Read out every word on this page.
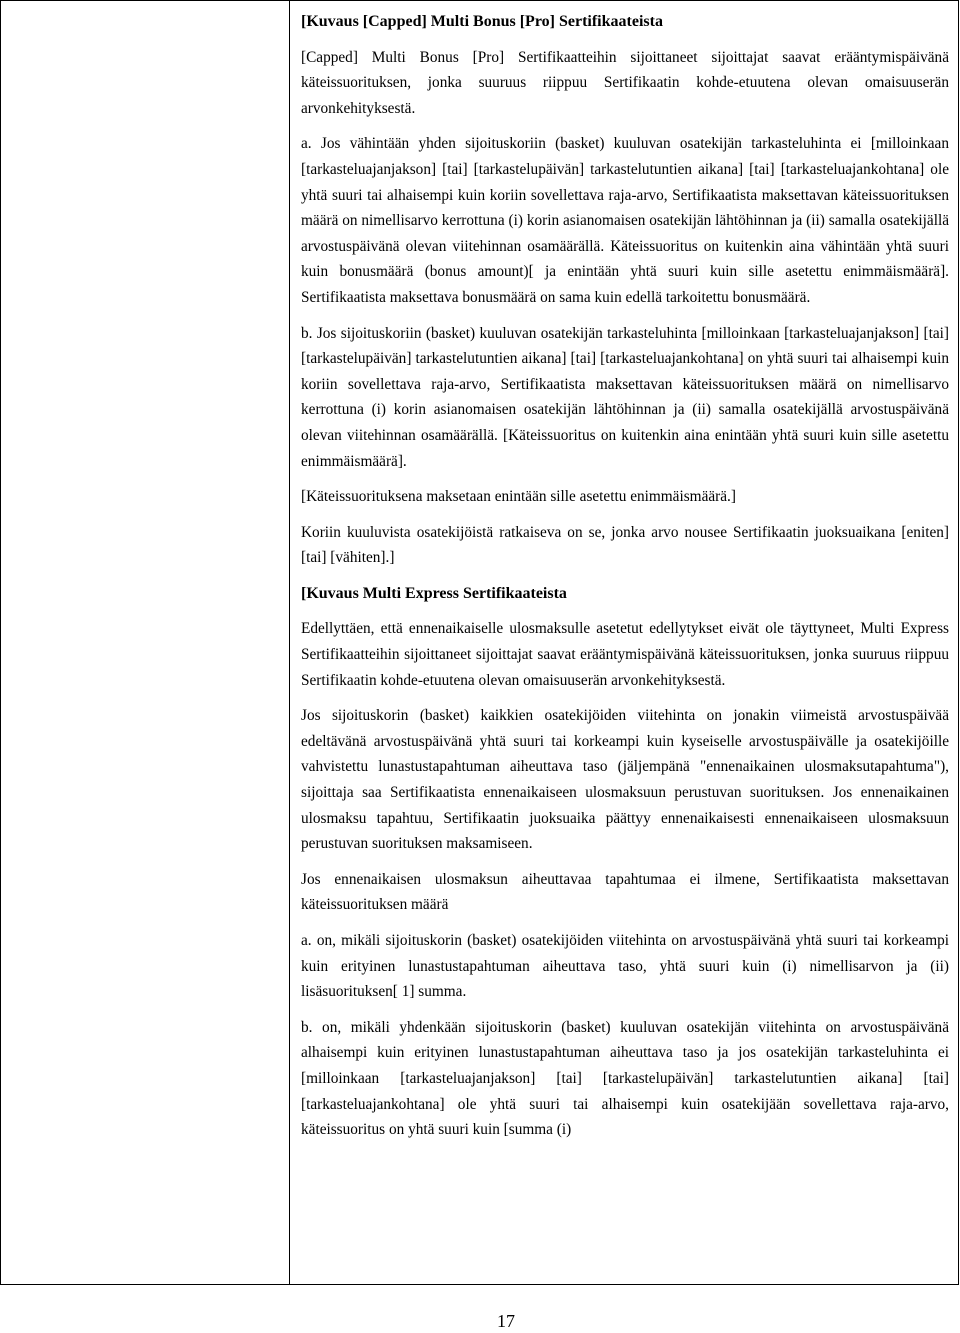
[Kuvaus [Capped] Multi Bonus [Pro] Sertifikaateista

[Capped] Multi Bonus [Pro] Sertifikaatteihin sijoittaneet sijoittajat saavat erääntymispäivänä käteissuorituksen, jonka suuruus riippuu Sertifikaatin kohde-etuutena olevan omaisuuserän arvonkehityksestä.

a. Jos vähintään yhden sijoituskoriin (basket) kuuluvan osatekijän tarkasteluhinta ei [milloinkaan [tarkasteluajanjakson] [tai] [tarkastelupäivän] tarkastelutuntien aikana] [tai] [tarkasteluajankohtana] ole yhtä suuri tai alhaisempi kuin koriin sovellettava raja-arvo, Sertifikaatista maksettavan käteissuorituksen määrä on nimellisarvo kerrottuna (i) korin asianomaisen osatekijän lähtöhinnan ja (ii) samalla osatekijällä arvostuspäivänä olevan viitehinnan osamäärällä. Käteissuoritus on kuitenkin aina vähintään yhtä suuri kuin bonusmäärä (bonus amount)[ ja enintään yhtä suuri kuin sille asetettu enimmäismäärä]. Sertifikaatista maksettava bonusmäärä on sama kuin edellä tarkoitettu bonusmäärä.

b. Jos sijoituskoriin (basket) kuuluvan osatekijän tarkasteluhinta [milloinkaan [tarkasteluajanjakson] [tai] [tarkastelupäivän] tarkastelutuntien aikana] [tai] [tarkasteluajankohtana] on yhtä suuri tai alhaisempi kuin koriin sovellettava raja-arvo, Sertifikaatista maksettavan käteissuorituksen määrä on nimellisarvo kerrottuna (i) korin asianomaisen osatekijän lähtöhinnan ja (ii) samalla osatekijällä arvostuspäivänä olevan viitehinnan osamäärällä. [Käteissuoritus on kuitenkin aina enintään yhtä suuri kuin sille asetettu enimmäismäärä].

[Käteissuorituksena maksetaan enintään sille asetettu enimmäismäärä.]

Koriin kuuluvista osatekijöistä ratkaiseva on se, jonka arvo nousee Sertifikaatin juoksuaikana [eniten] [tai] [vähiten].]

[Kuvaus Multi Express Sertifikaateista

Edellyttäen, että ennenaikaiselle ulosmaksulle asetetut edellytykset eivät ole täyttyneet, Multi Express Sertifikaatteihin sijoittaneet sijoittajat saavat erääntymispäivänä käteissuorituksen, jonka suuruus riippuu Sertifikaatin kohde-etuutena olevan omaisuuserän arvonkehityksestä.

Jos sijoituskorin (basket) kaikkien osatekijöiden viitehinta on jonakin viimeistä arvostuspäivää edeltävänä arvostuspäivänä yhtä suuri tai korkeampi kuin kyseiselle arvostuspäivälle ja osatekijöille vahvistettu lunastustapahtuman aiheuttava taso (jäljempänä "ennenaikainen ulosmaksutapahtuma"), sijoittaja saa Sertifikaatista ennenaikaiseen ulosmaksuun perustuvan suorituksen. Jos ennenaikainen ulosmaksu tapahtuu, Sertifikaatin juoksuaika päättyy ennenaikaisesti ennenaikaiseen ulosmaksuun perustuvan suorituksen maksamiseen.

Jos ennenaikaisen ulosmaksun aiheuttavaa tapahtumaa ei ilmene, Sertifikaatista maksettavan käteissuorituksen määrä

a. on, mikäli sijoituskorin (basket) osatekijöiden viitehinta on arvostuspäivänä yhtä suuri tai korkeampi kuin erityinen lunastustapahtuman aiheuttava taso, yhtä suuri kuin (i) nimellisarvon ja (ii) lisäsuorituksen[ 1] summa.

b. on, mikäli yhdenkään sijoituskorin (basket) kuuluvan osatekijän viitehinta on arvostuspäivänä alhaisempi kuin erityinen lunastustapahtuman aiheuttava taso ja jos osatekijän tarkasteluhinta ei [milloinkaan [tarkasteluajanjakson] [tai] [tarkastelupäivän] tarkastelutuntien aikana] [tai] [tarkasteluajankohtana] ole yhtä suuri tai alhaisempi kuin osatekijään sovellettava raja-arvo, käteissuoritus on yhtä suuri kuin [summa (i)

17
